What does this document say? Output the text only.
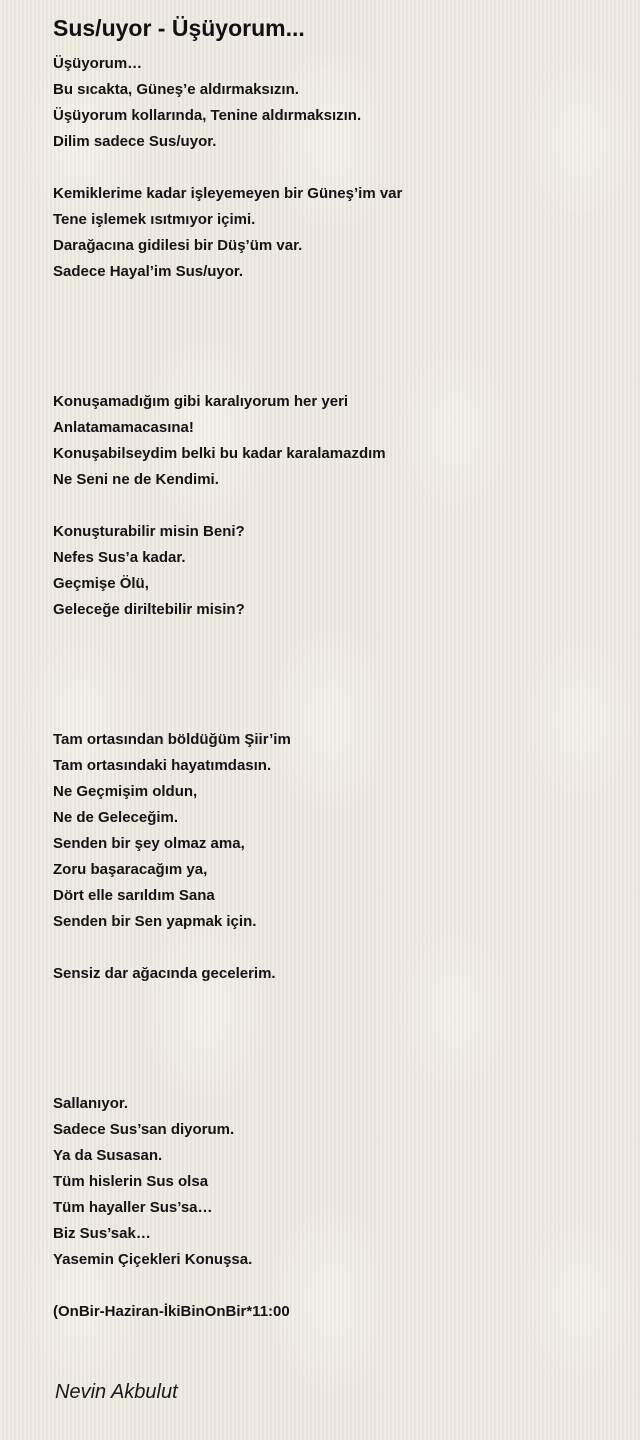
Sus/uyor - Üşüyorum...
Üşüyorum…
Bu sıcakta, Güneş’e aldırmaksızın.
Üşüyorum kollarında, Tenine aldırmaksızın.
Dilim sadece Sus/uyor.
Kemiklerime kadar işleyemeyen bir Güneş’im var
Tene işlemek ısıtmıyor içimi.
Darağacına gidilesi bir Düş’üm var.
Sadece Hayal’im Sus/uyor.
Konuşamadığım gibi karalıyorum her yeri
Anlatamamacasına!
Konuşabilseydim belki bu kadar karalamazdım
Ne Seni ne de Kendimi.
Konuşturabilir misin Beni?
Nefes Sus’a kadar.
Geçmişe Ölü,
Geleceğe diriltebilir misin?
Tam ortasından böldüğüm Şiir’im
Tam ortasındaki hayatımdasın.
Ne Geçmişim oldun,
Ne de Geleceğim.
Senden bir şey olmaz ama,
Zoru başaracağım ya,
Dört elle sarıldım Sana
Senden bir Sen yapmak için.
Sensiz dar ağacında gecelerim.
Sallanıyor.
Sadece Sus’san diyorum.
Ya da Susasan.
Tüm hislerin Sus olsa
Tüm hayaller Sus’sa…
Biz Sus’sak…
Yasemin Çiçekleri Konuşsa.
(OnBir-Haziran-İkiBinOnBir*11:00
Nevin Akbulut
